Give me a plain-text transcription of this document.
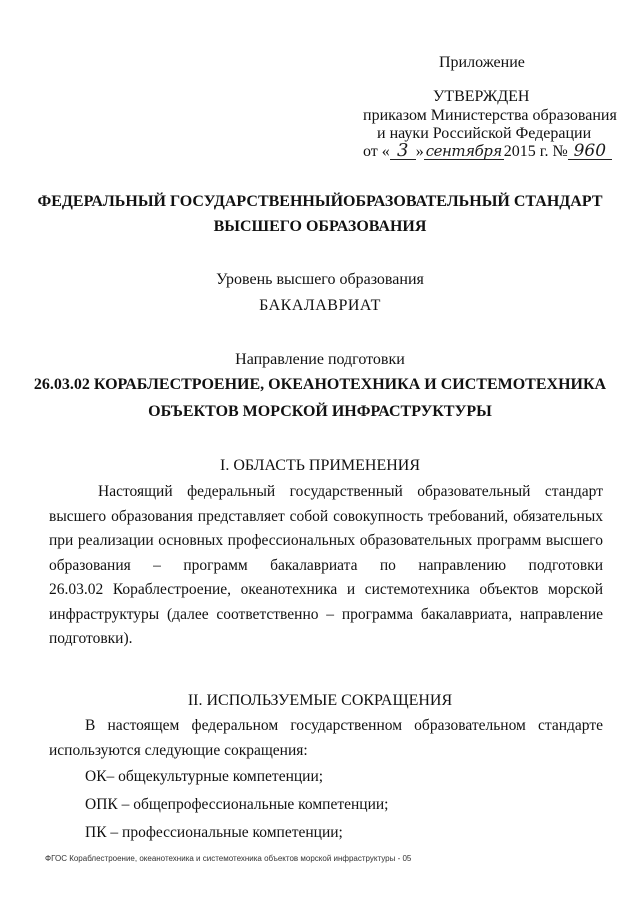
Приложение
УТВЕРЖДЕН
приказом Министерства образования
и науки Российской Федерации
от « 3 » сентября 2015 г. № 960
ФЕДЕРАЛЬНЫЙ ГОСУДАРСТВЕННЫЙОБРАЗОВАТЕЛЬНЫЙ СТАНДАРТ
ВЫСШЕГО ОБРАЗОВАНИЯ
Уровень высшего образования
БАКАЛАВРИАТ
Направление подготовки
26.03.02 КОРАБЛЕСТРОЕНИЕ, ОКЕАНОТЕХНИКА И СИСТЕМОТЕХНИКА
ОБЪЕКТОВ МОРСКОЙ ИНФРАСТРУКТУРЫ
I. ОБЛАСТЬ ПРИМЕНЕНИЯ

Настоящий федеральный государственный образовательный стандарт
высшего образования представляет собой совокупность требований, обязательных
при реализации основных профессиональных образовательных программ высшего
образования – программ бакалавриата по направлению подготовки
26.03.02 Кораблестроение, океанотехника и системотехника объектов морской
инфраструктуры (далее соответственно – программа бакалавриата, направление
подготовки).

II. ИСПОЛЬЗУЕМЫЕ СОКРАЩЕНИЯ

В настоящем федеральном государственном образовательном стандарте
используются следующие сокращения:

ОК– общекультурные компетенции;
ОПК – общепрофессиональные компетенции;
ПК – профессиональные компетенции;
ФГОС Кораблестроение, океанотехника и системотехника объектов морской инфраструктуры - 05
